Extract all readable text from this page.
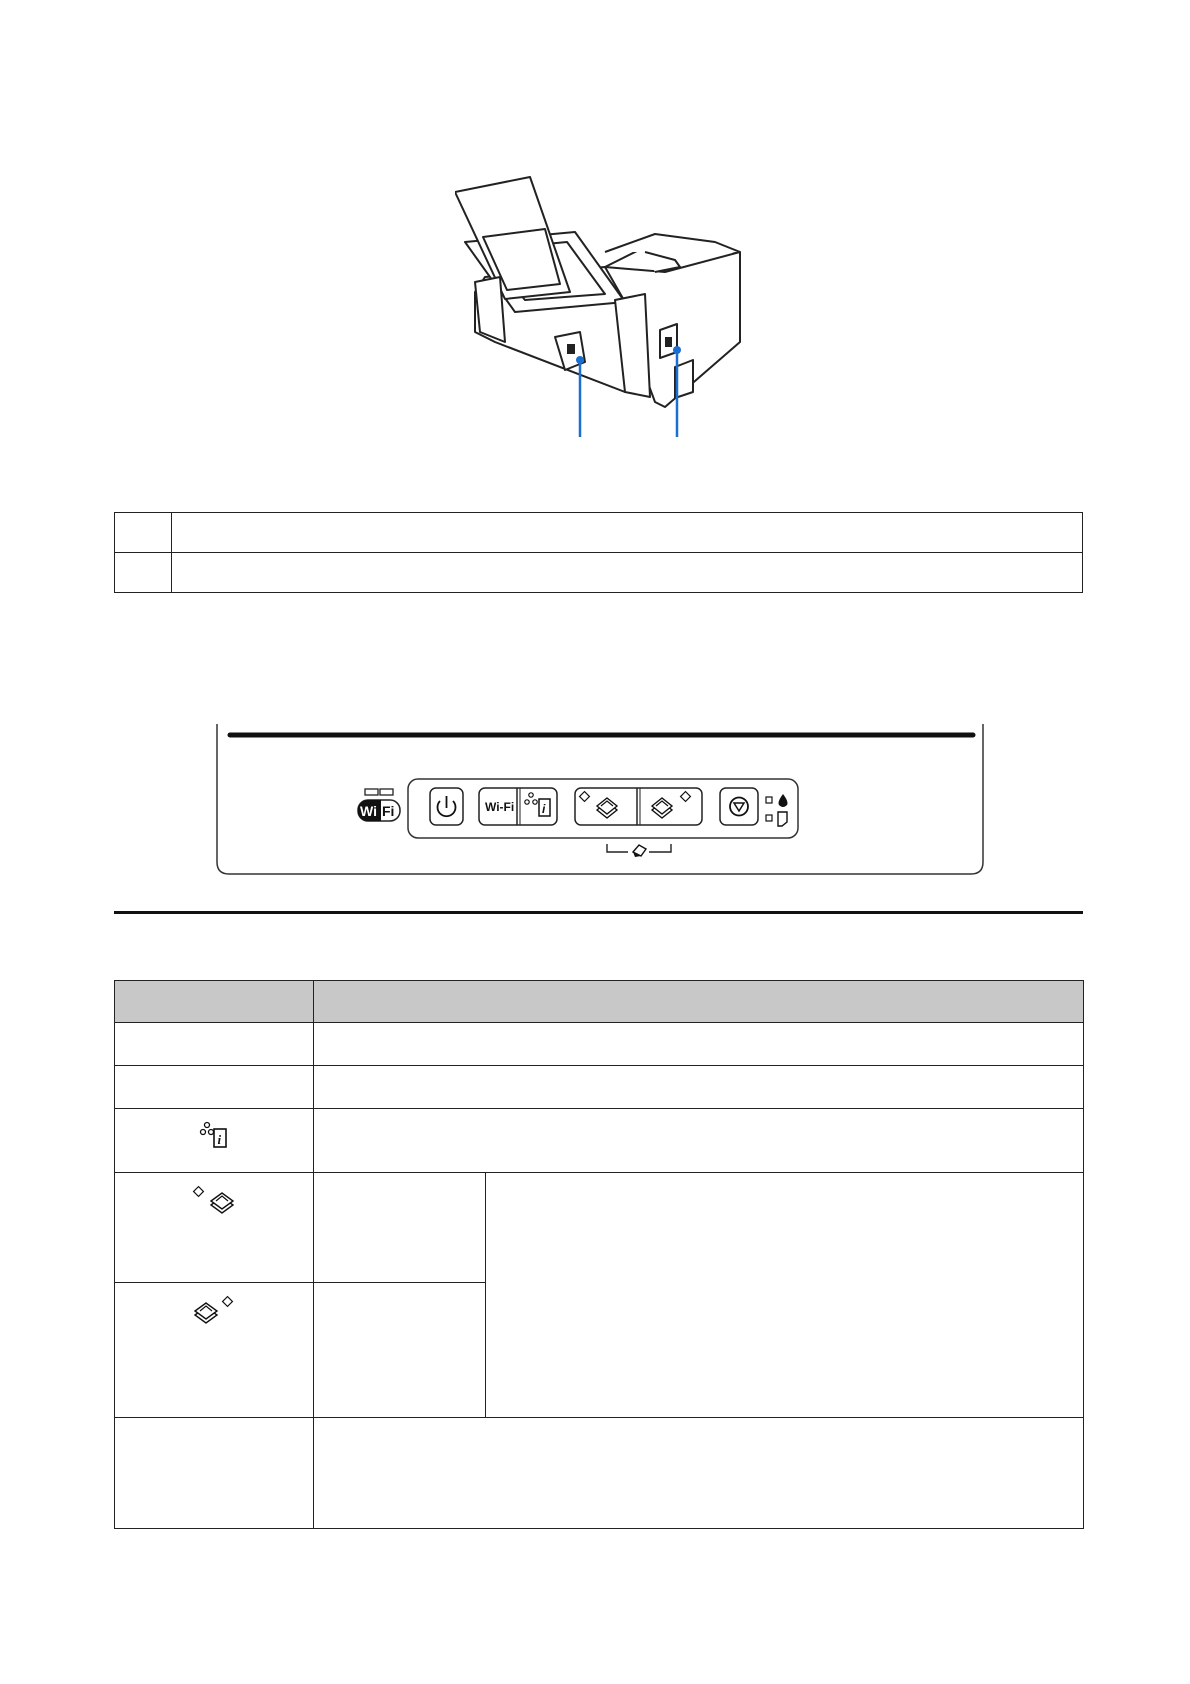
Wi Fi
Wi Fi
Wi-Fi i

i		
